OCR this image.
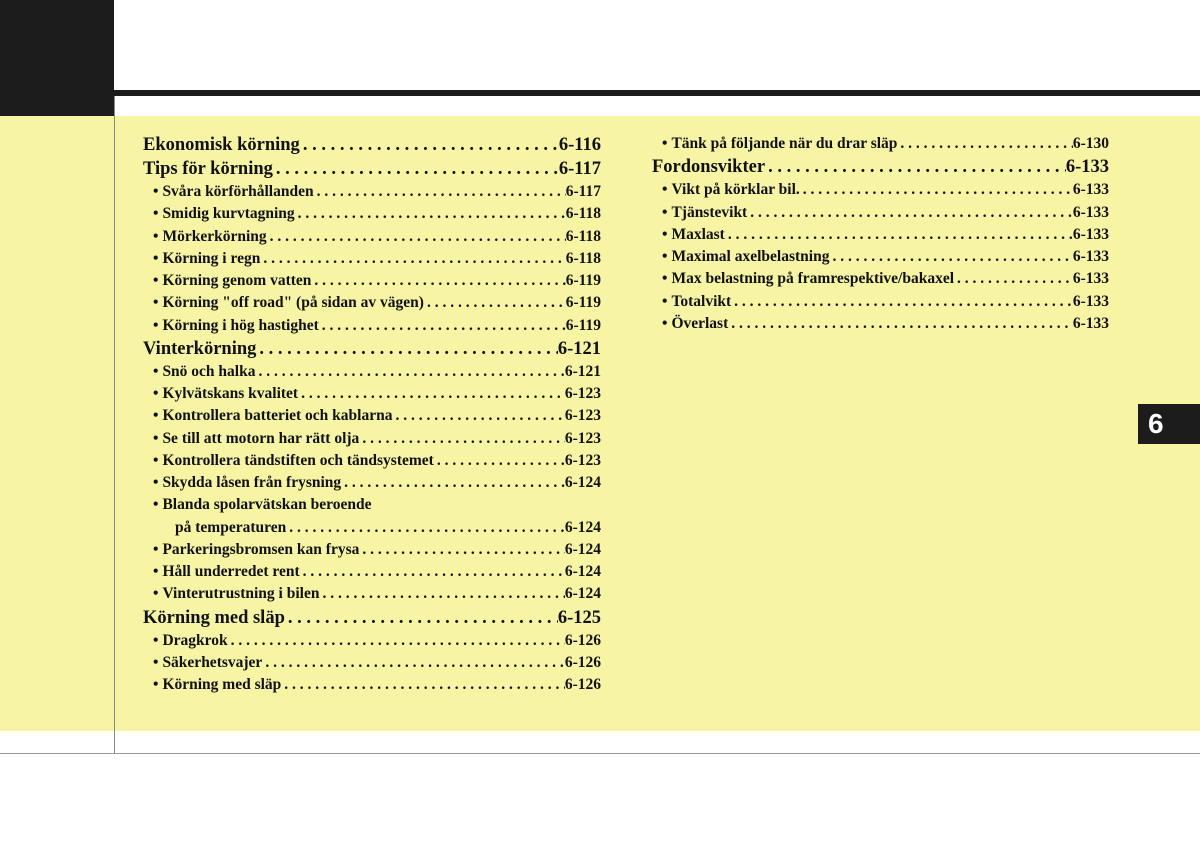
Ekonomisk körning . . .	6-116
Tips för körning . . .	6-117
• Svåra körförhållanden . . .	6-117
• Smidig kurvtagning . . .	6-118
• Mörkerkörning . . .	6-118
• Körning i regn . . .	6-118
• Körning genom vatten . . .	6-119
• Körning "off road" (på sidan av vägen) . . .	6-119
• Körning i hög hastighet . . .	6-119
Vinterkörning . . .	6-121
• Snö och halka . . .	6-121
• Kylvätskans kvalitet . . .	6-123
• Kontrollera batteriet och kablarna . . .	6-123
• Se till att motorn har rätt olja . . .	6-123
• Kontrollera tändstiften och tändsystemet . . .	6-123
• Skydda låsen från frysning . . .	6-124
• Blanda spolarvätskan beroende
på temperaturen . . .	6-124
• Parkeringsbromsen kan frysa . . .	6-124
• Håll underredet rent . . .	6-124
• Vinterutrustning i bilen . . .	6-124
Körning med släp . . .	6-125
• Dragkrok . . .	6-126
• Säkerhetsvajer . . .	6-126
• Körning med släp . . .	6-126
• Tänk på följande när du drar släp . . .	6-130
Fordonsvikter . . .	6-133
• Vikt på körklar bil. . . .	6-133
• Tjänstevikt . . .	6-133
• Maxlast . . .	6-133
• Maximal axelbelastning . . .	6-133
• Max belastning på framrespektive/bakaxel . . .	6-133
• Totalvikt . . .	6-133
• Överlast . . .	6-133
6
